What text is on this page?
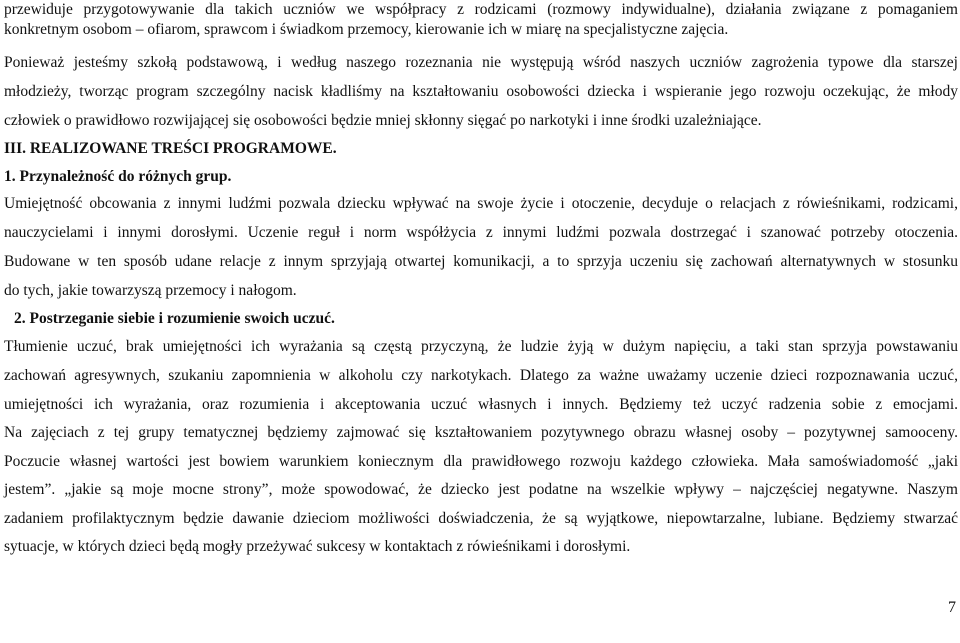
przewiduje przygotowywanie dla takich uczniów we współpracy z rodzicami (rozmowy indywidualne), działania związane z pomaganiem
konkretnym osobom – ofiarom, sprawcom i świadkom przemocy, kierowanie ich w miarę na specjalistyczne zajęcia.
Ponieważ jesteśmy szkołą podstawową, i według naszego rozeznania nie występują wśród naszych uczniów zagrożenia typowe dla starszej
młodzieży, tworząc program szczególny nacisk kładliśmy na kształtowaniu osobowości dziecka i wspieranie jego rozwoju oczekując, że młody
człowiek o prawidłowo rozwijającej się osobowości będzie mniej skłonny sięgać po narkotyki i inne środki uzależniające.
III. REALIZOWANE TREŚCI PROGRAMOWE.
1. Przynależność do różnych grup.
Umiejętność obcowania z innymi ludźmi pozwala dziecku wpływać na swoje życie i otoczenie, decyduje o relacjach z rówieśnikami, rodzicami,
nauczycielami i innymi dorosłymi. Uczenie reguł i norm współżycia z innymi ludźmi pozwala dostrzegać i szanować potrzeby otoczenia.
Budowane w ten sposób udane relacje z innym sprzyjają otwartej komunikacji, a to sprzyja uczeniu się zachowań alternatywnych w stosunku
do tych, jakie towarzyszą przemocy i nałogom.
2. Postrzeganie siebie i rozumienie swoich uczuć.
Tłumienie uczuć, brak umiejętności ich wyrażania są częstą przyczyną, że ludzie żyją w dużym napięciu, a taki stan sprzyja powstawaniu
zachowań agresywnych, szukaniu zapomnienia w alkoholu czy narkotykach. Dlatego za ważne uważamy uczenie dzieci rozpoznawania uczuć,
umiejętności ich wyrażania, oraz rozumienia i akceptowania uczuć własnych i innych. Będziemy też uczyć radzenia sobie z emocjami.
Na zajęciach z tej grupy tematycznej będziemy zajmować się kształtowaniem pozytywnego obrazu własnej osoby – pozytywnej samooceny.
Poczucie własnej wartości jest bowiem warunkiem koniecznym dla prawidłowego rozwoju każdego człowieka. Mała samoświadomość „jaki
jestem”. „jakie są moje mocne strony”, może spowodować, że dziecko jest podatne na wszelkie wpływy – najczęściej negatywne. Naszym
zadaniem profilaktycznym będzie dawanie dzieciom możliwości doświadczenia, że są wyjątkowe, niepowtarzalne, lubiane. Będziemy stwarzać
sytuacje, w których dzieci będą mogły przeżywać sukcesy w kontaktach z rówieśnikami i dorosłymi.
7
